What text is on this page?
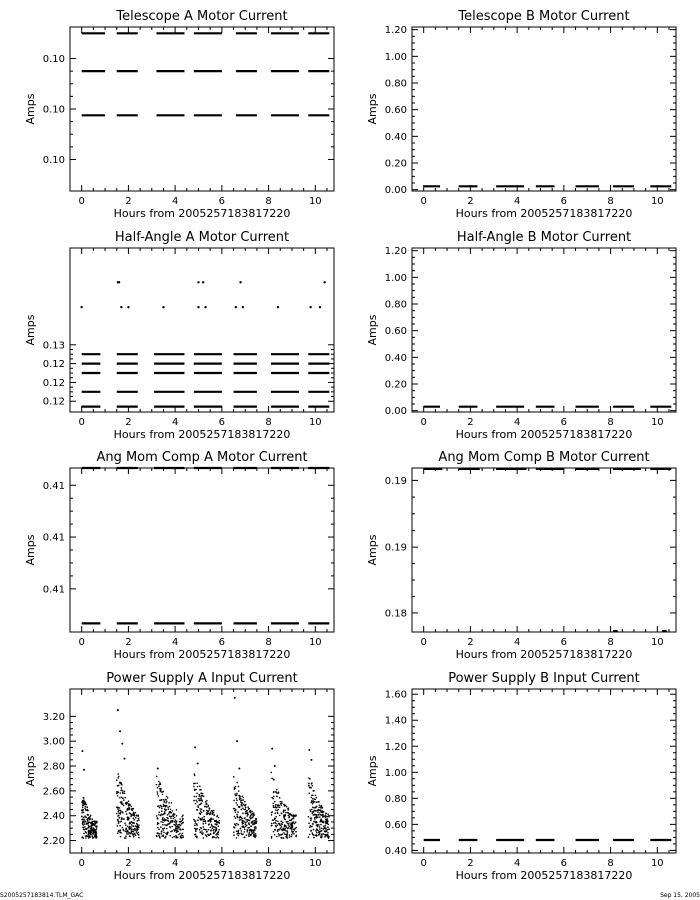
Telescope A Motor Current
Amps
Hours from 2005257183817220
0	2	4	6	8	10
0.10
0.10
0.10
Telescope B Motor Current
Amps
Hours from 2005257183817220
0	2	4	6	8	10
0.00
0.20
0.40
0.60
0.80
1.00
1.20
Half-Angle A Motor Current
Amps
Hours from 2005257183817220
0	2	4	6	8	10
0.12
0.12
0.12
0.13
Half-Angle B Motor Current
Amps
Hours from 2005257183817220
0	2	4	6	8	10
0.00
0.20
0.40
0.60
0.80
1.00
1.20
Ang Mom Comp A Motor Current
Amps
Hours from 2005257183817220
0	2	4	6	8	10
0.41
0.41
0.41
Ang Mom Comp B Motor Current
Amps
Hours from 2005257183817220
0	2	4	6	8	10
0.18
0.19
0.19
Power Supply A Input Current
Amps
Hours from 2005257183817220
0	2	4	6	8	10
2.20
2.40
2.60
2.80
3.00
3.20
Power Supply B Input Current
Amps
Hours from 2005257183817220
0	2	4	6	8	10
0.40
0.60
0.80
1.00
1.20
1.40
1.60
S2005257183814.TLM_GAC	Sep 15, 2005
